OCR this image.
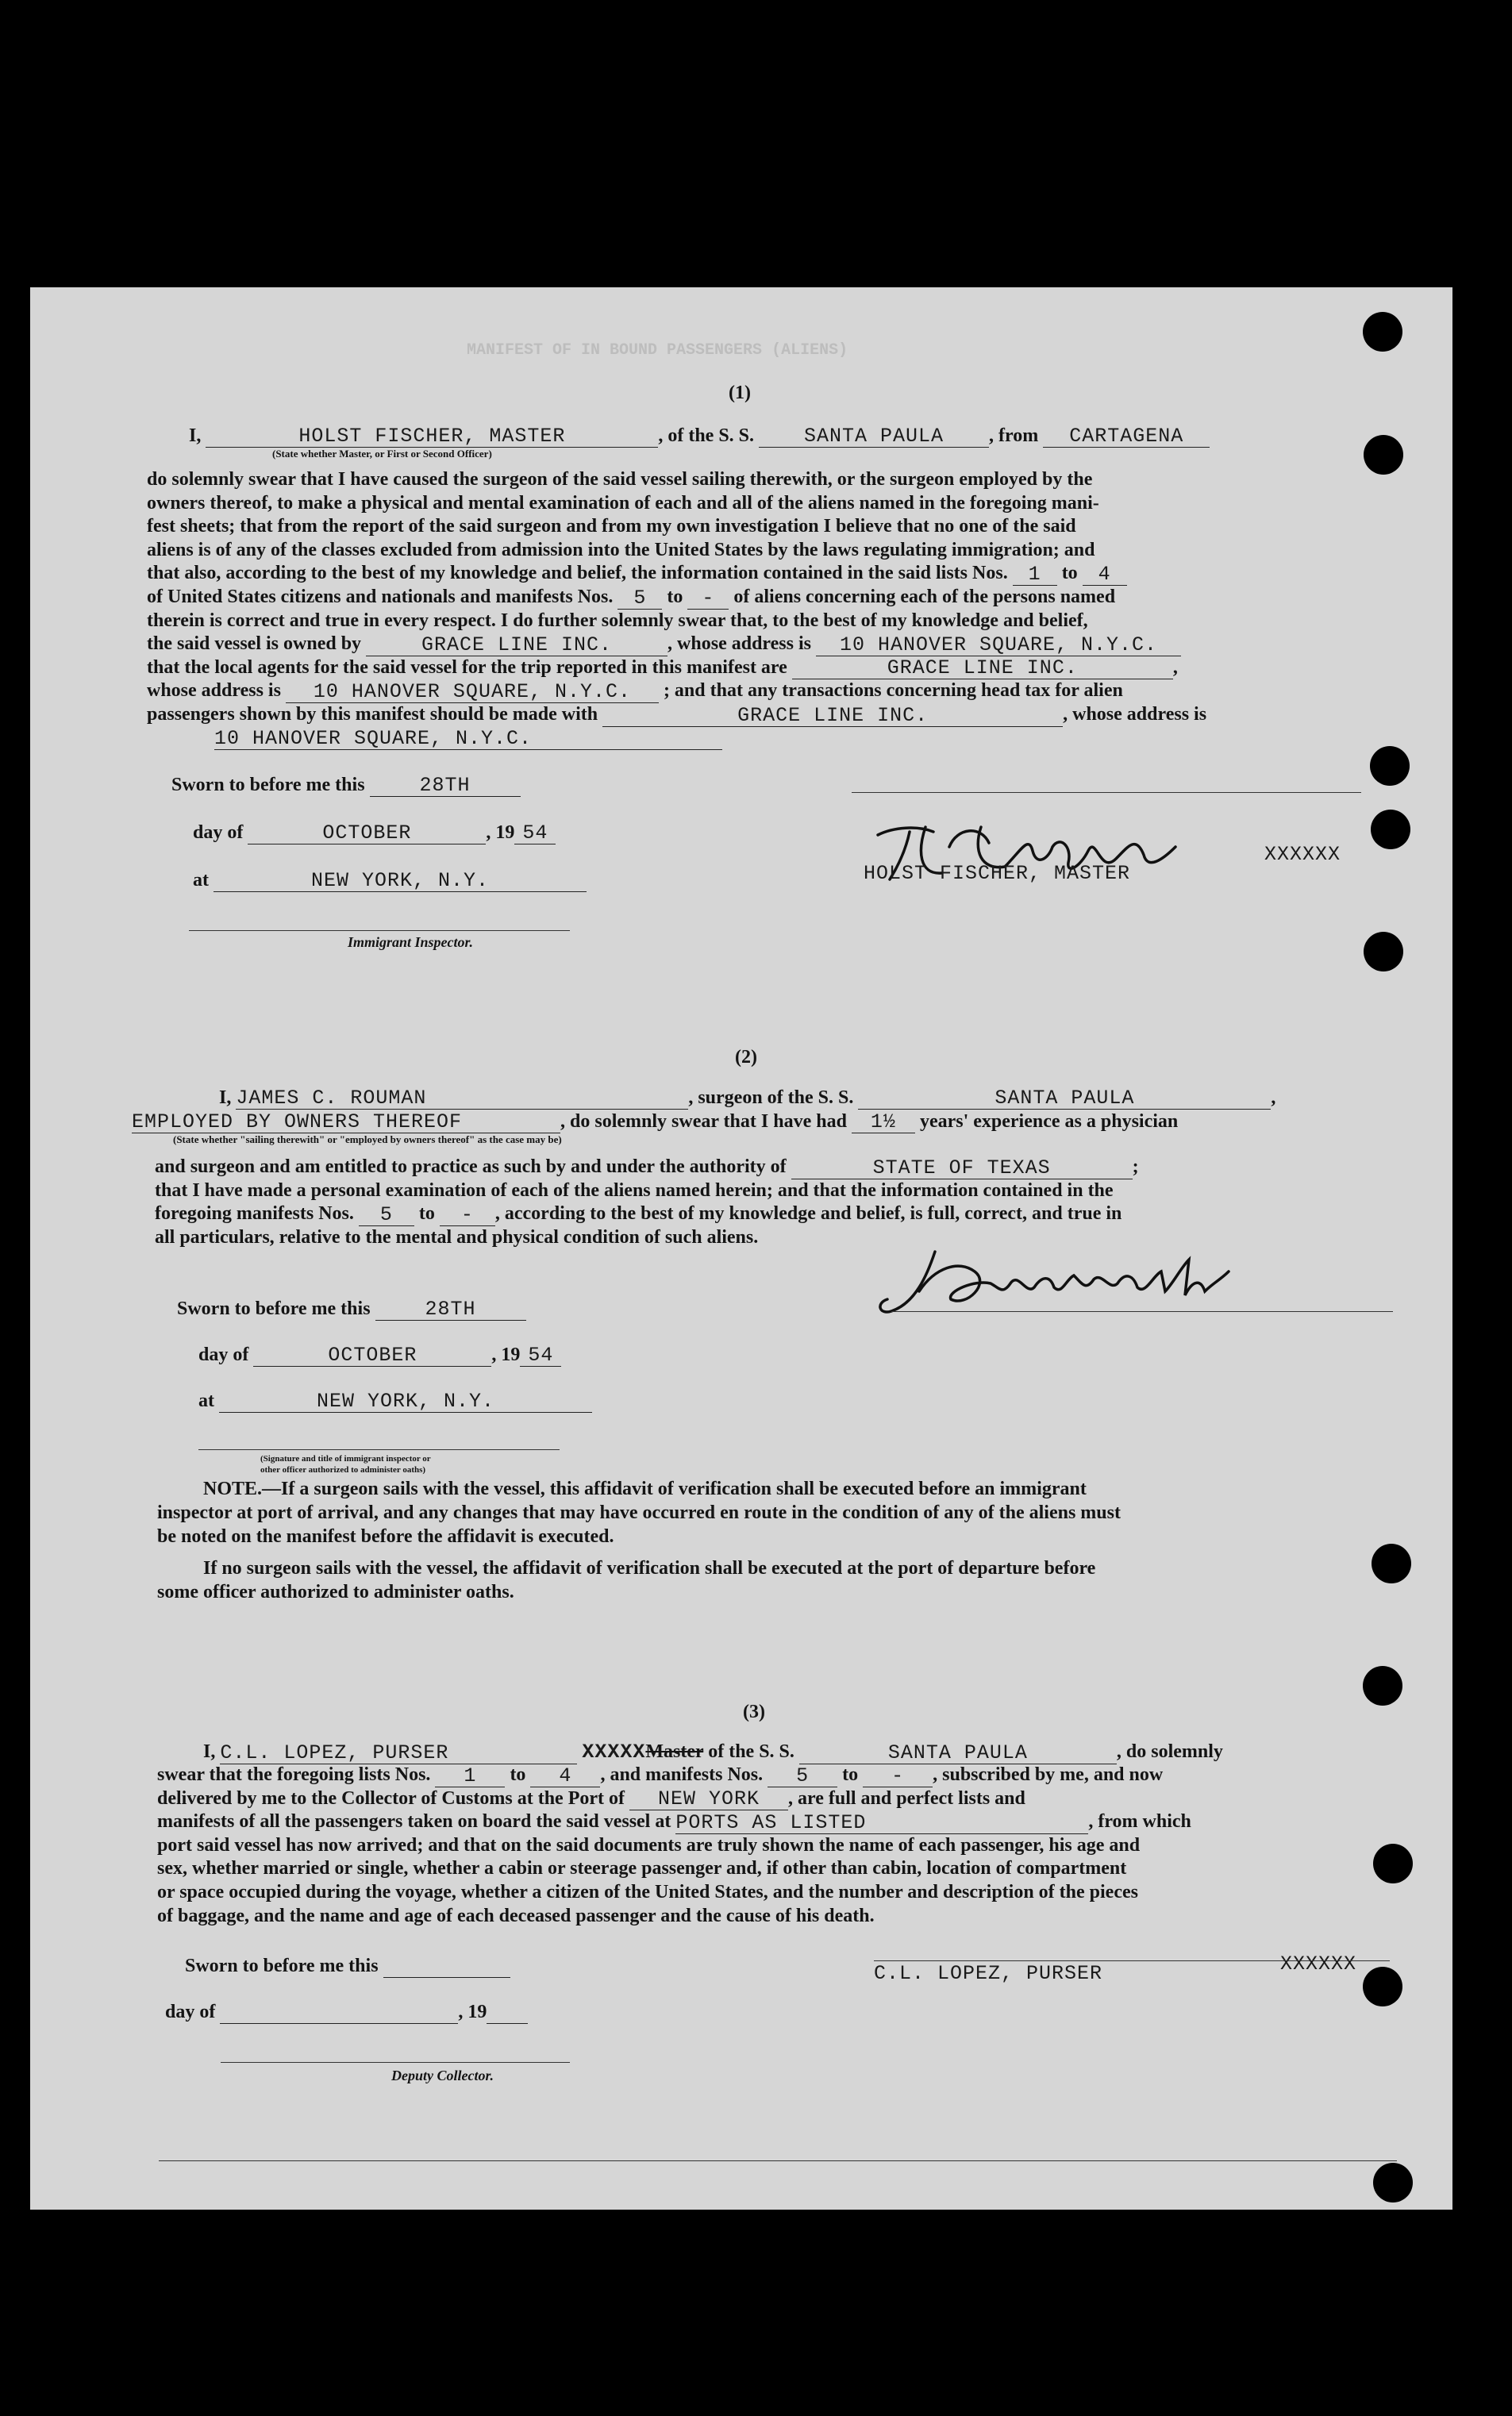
MANIFEST OF IN BOUND PASSENGERS (ALIENS)
(1)
I,	HOLST FISCHER, MASTER	, of the S. S.	SANTA PAULA , from CARTAGENA
(State whether Master, or First or Second Officer)
do solemnly swear that I have caused the surgeon of the said vessel sailing therewith, or the surgeon employed by the
owners thereof, to make a physical and mental examination of each and all of the aliens named in the foregoing mani-
fest sheets; that from the report of the said surgeon and from my own investigation I believe that no one of the said
aliens is of any of the classes excluded from admission into the United States by the laws regulating immigration; and
that also, according to the best of my knowledge and belief, the information contained in the said lists Nos. 1 to 4
of United States citizens and nationals and manifests Nos. 5 to - of aliens concerning each of the persons named
therein is correct and true in every respect. I do further solemnly swear that, to the best of my knowledge and belief,
the said vessel is owned by	GRACE LINE INC.	, whose address is 10 HANOVER SQUARE, N.Y.C.
that the local agents for the said vessel for the trip reported in this manifest are	GRACE LINE INC.	,
whose address is 10 HANOVER SQUARE, N.Y.C. ; and that any transactions concerning head tax for alien
passengers shown by this manifest should be made with	GRACE LINE INC.	, whose address is
10 HANOVER SQUARE, N.Y.C.
Sworn to before me this	28TH
day of	OCTOBER	, 19 54
at	NEW YORK, N.Y.
Immigrant Inspector.
HOLST FISCHER, MASTER
XXXXXX
(2)
I, JAMES C. ROUMAN	, surgeon of the S. S.	SANTA PAULA	,
EMPLOYED BY OWNERS THEREOF	, do solemnly swear that I have had 1½ years' experience as a physician
(State whether "sailing therewith" or "employed by owners thereof" as the case may be)
and surgeon and am entitled to practice as such by and under the authority of	STATE OF TEXAS	;
that I have made a personal examination of each of the aliens named herein; and that the information contained in the
foregoing manifests Nos. 5 to - , according to the best of my knowledge and belief, is full, correct, and true in
all particulars, relative to the mental and physical condition of such aliens.
Sworn to before me this	28TH
day of	OCTOBER	, 19 54
at	NEW YORK, N.Y.
(Signature and title of immigrant inspector or
other officer authorized to administer oaths)
NOTE.—If a surgeon sails with the vessel, this affidavit of verification shall be executed before an immigrant
inspector at port of arrival, and any changes that may have occurred en route in the condition of any of the aliens must
be noted on the manifest before the affidavit is executed.
If no surgeon sails with the vessel, the affidavit of verification shall be executed at the port of departure before
some officer authorized to administer oaths.
(3)
I, C.L. LOPEZ, PURSER	XXXXXMaster of the S. S.	SANTA PAULA	, do solemnly
swear that the foregoing lists Nos. 1 to 4 , and manifests Nos. 5 to - , subscribed by me, and now
delivered by me to the Collector of Customs at the Port of NEW YORK , are full and perfect lists and
manifests of all the passengers taken on board the said vessel at PORTS AS LISTED	, from which
port said vessel has now arrived; and that on the said documents are truly shown the name of each passenger, his age and
sex, whether married or single, whether a cabin or steerage passenger and, if other than cabin, location of compartment
or space occupied during the voyage, whether a citizen of the United States, and the number and description of the pieces
of baggage, and the name and age of each deceased passenger and the cause of his death.
Sworn to before me this
day of	, 19
Deputy Collector.
C.L. LOPEZ, PURSER	XXXXXX
